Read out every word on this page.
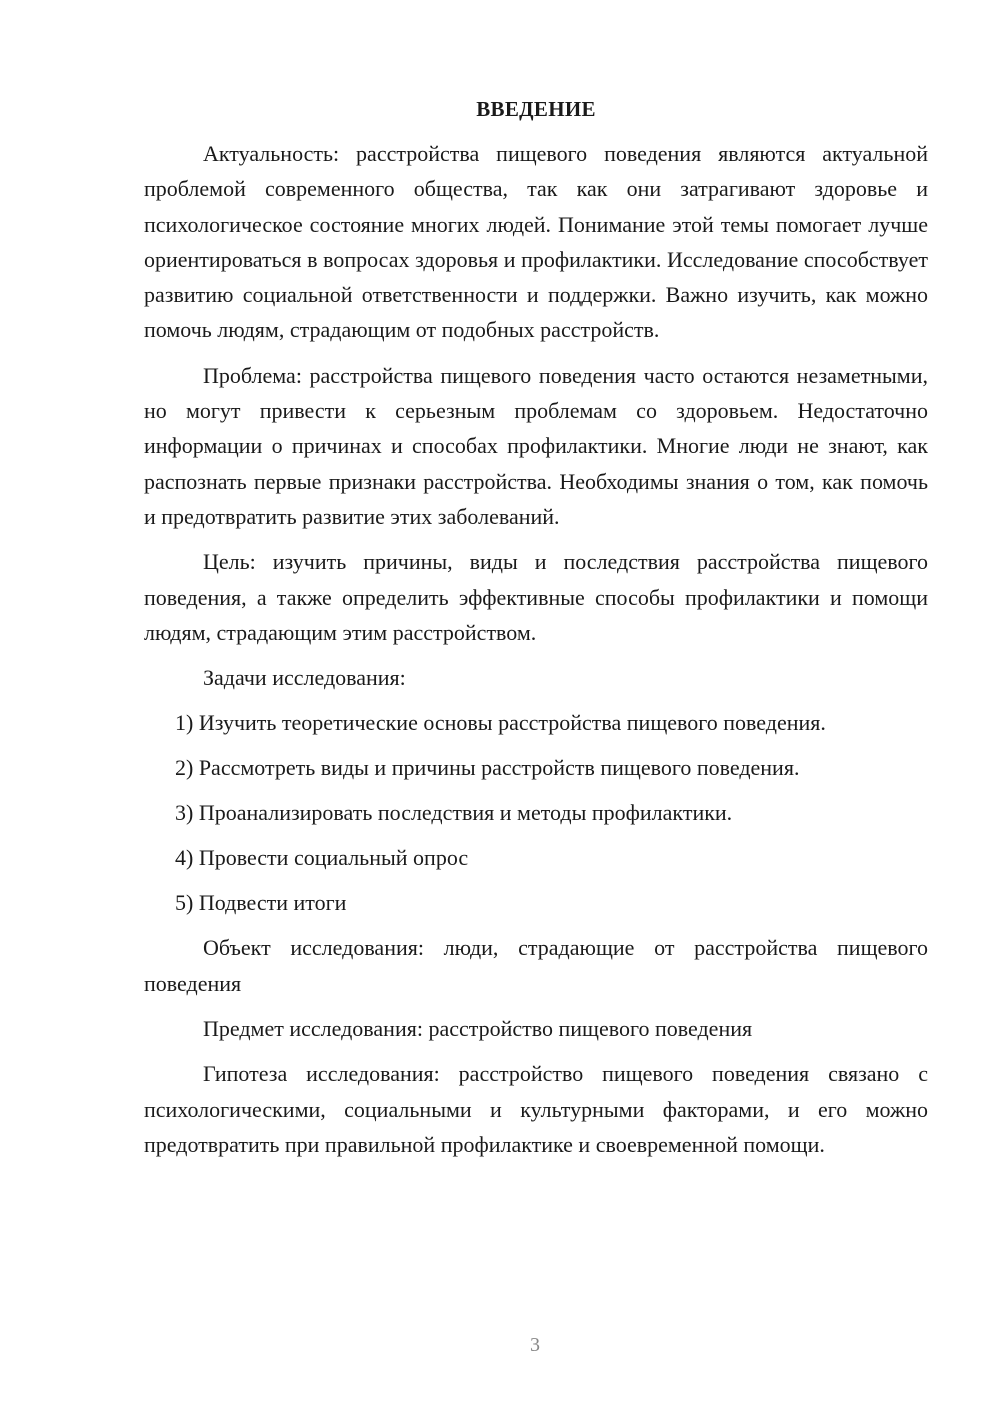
ВВЕДЕНИЕ

Актуальность: расстройства пищевого поведения являются актуальной проблемой современного общества, так как они затрагивают здоровье и психологическое состояние многих людей. Понимание этой темы помогает лучше ориентироваться в вопросах здоровья и профилактики. Исследование способствует развитию социальной ответственности и поддержки. Важно изучить, как можно помочь людям, страдающим от подобных расстройств.

Проблема: расстройства пищевого поведения часто остаются незаметными, но могут привести к серьезным проблемам со здоровьем. Недостаточно информации о причинах и способах профилактики. Многие люди не знают, как распознать первые признаки расстройства. Необходимы знания о том, как помочь и предотвратить развитие этих заболеваний.

Цель: изучить причины, виды и последствия расстройства пищевого поведения, а также определить эффективные способы профилактики и помощи людям, страдающим этим расстройством.

Задачи исследования:

1) Изучить теоретические основы расстройства пищевого поведения.
2) Рассмотреть виды и причины расстройств пищевого поведения.
3) Проанализировать последствия и методы профилактики.
4) Провести социальный опрос
5) Подвести итоги

Объект исследования: люди, страдающие от расстройства пищевого поведения

Предмет исследования: расстройство пищевого поведения

Гипотеза исследования: расстройство пищевого поведения связано с психологическими, социальными и культурными факторами, и его можно предотвратить при правильной профилактике и своевременной помощи.

3
